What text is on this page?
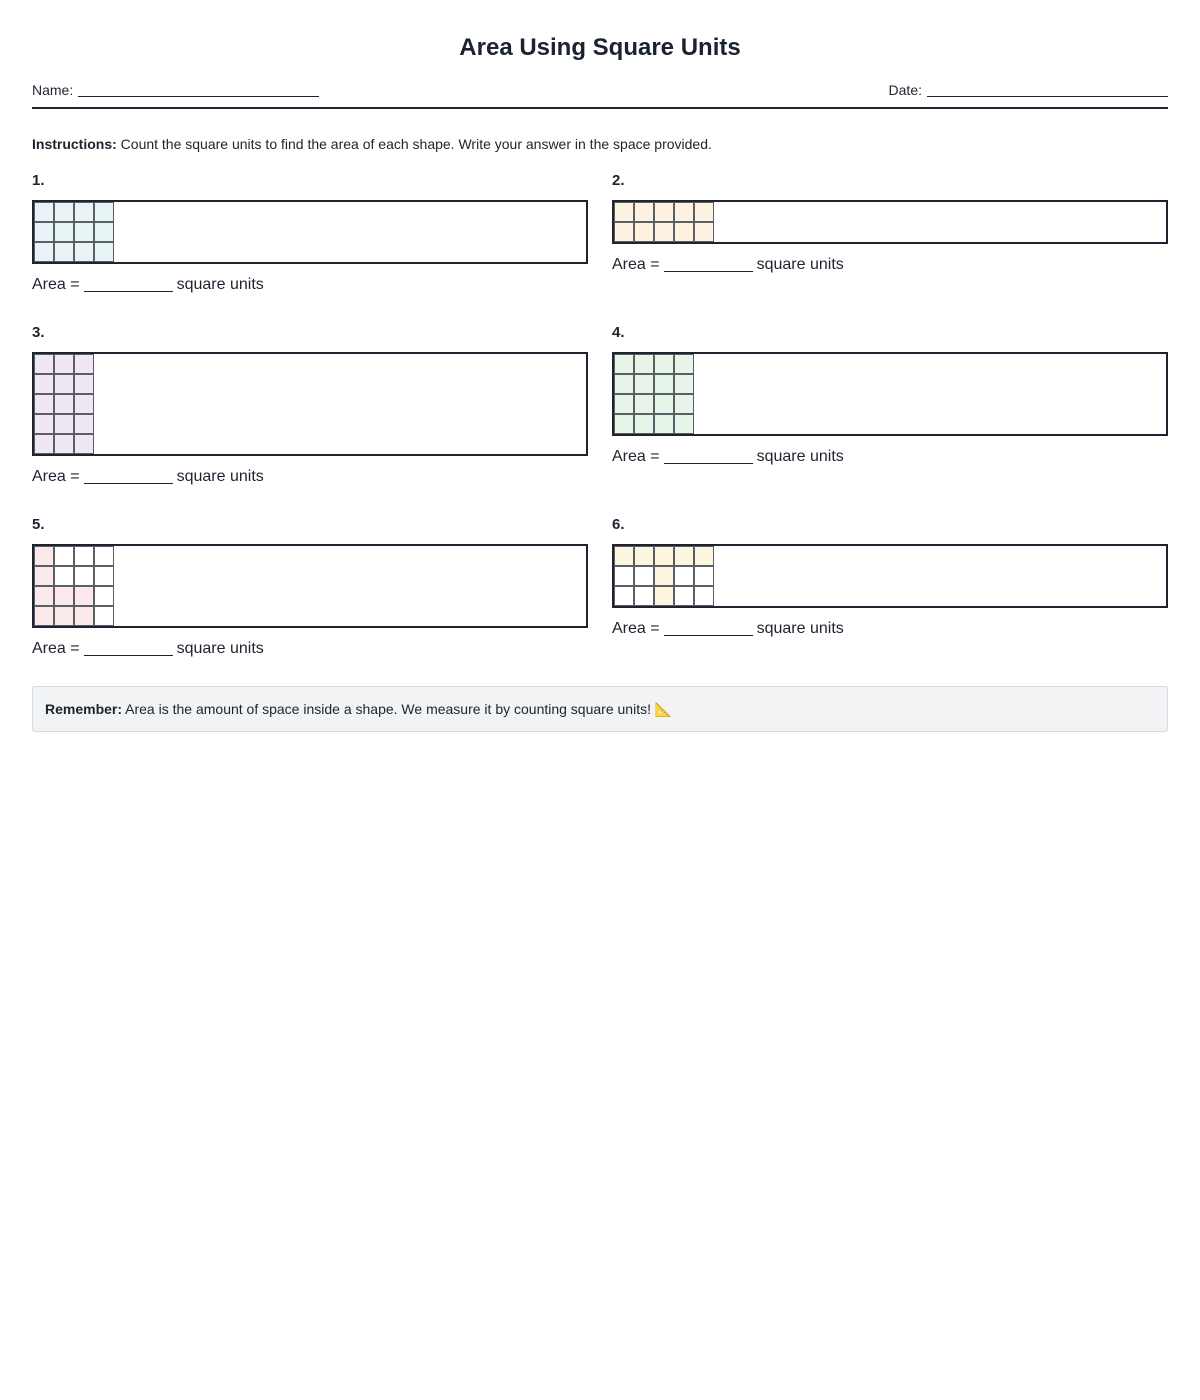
Area Using Square Units
Name:	Date:
Instructions: Count the square units to find the area of each shape. Write your answer in the space provided.
1.
Area =	square units
2.
Area =	square units
3.
Area =	square units
4.
Area =	square units
5.
Area =	square units
6.
Area =	square units
Remember: Area is the amount of space inside a shape. We measure it by counting square units! 📐
